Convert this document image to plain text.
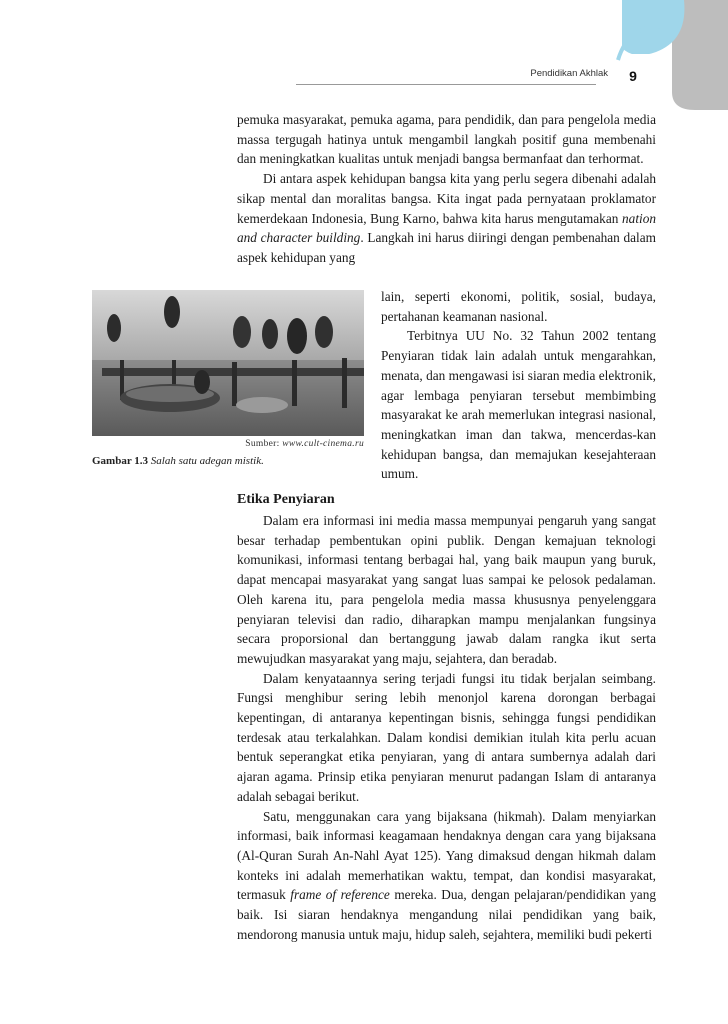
Pendidikan Akhlak	9

pemuka masyarakat, pemuka agama, para pendidik, dan para pengelola media massa tergugah hatinya untuk mengambil langkah positif guna membenahi dan meningkatkan kualitas untuk menjadi bangsa bermanfaat dan terhormat.

Di antara aspek kehidupan bangsa kita yang perlu segera dibenahi adalah sikap mental dan moralitas bangsa. Kita ingat pada pernyataan proklamator kemerdekaan Indonesia, Bung Karno, bahwa kita harus mengutamakan nation and character building. Langkah ini harus diiringi dengan pembenahan dalam aspek kehidupan yang

Sumber: www.cult-cinema.ru
Gambar 1.3 Salah satu adegan mistik.

lain, seperti ekonomi, politik, sosial, budaya, pertahanan keamanan nasional.

Terbitnya UU No. 32 Tahun 2002 tentang Penyiaran tidak lain adalah untuk mengarahkan, menata, dan mengawasi isi siaran media elektronik, agar lembaga penyiaran tersebut membimbing masyarakat ke arah memerlukan integrasi nasional, meningkatkan iman dan takwa, mencerdas-kan kehidupan bangsa, dan memajukan kesejahteraan umum.

Etika Penyiaran

Dalam era informasi ini media massa mempunyai pengaruh yang sangat besar terhadap pembentukan opini publik. Dengan kemajuan teknologi komunikasi, informasi tentang berbagai hal, yang baik maupun yang buruk, dapat mencapai masyarakat yang sangat luas sampai ke pelosok pedalaman. Oleh karena itu, para pengelola media massa khususnya penyelenggara penyiaran televisi dan radio, diharapkan mampu menjalankan fungsinya secara proporsional dan bertanggung jawab dalam rangka ikut serta mewujudkan masyarakat yang maju, sejahtera, dan beradab.

Dalam kenyataannya sering terjadi fungsi itu tidak berjalan seimbang. Fungsi menghibur sering lebih menonjol karena dorongan berbagai kepentingan, di antaranya kepentingan bisnis, sehingga fungsi pendidikan terdesak atau terkalahkan. Dalam kondisi demikian itulah kita perlu acuan bentuk seperangkat etika penyiaran, yang di antara sumbernya adalah dari ajaran agama. Prinsip etika penyiaran menurut padangan Islam di antaranya adalah sebagai berikut.

Satu, menggunakan cara yang bijaksana (hikmah). Dalam menyiarkan informasi, baik informasi keagamaan hendaknya dengan cara yang bijaksana (Al-Quran Surah An-Nahl Ayat 125). Yang dimaksud dengan hikmah dalam konteks ini adalah memerhatikan waktu, tempat, dan kondisi masyarakat, termasuk frame of reference mereka. Dua, dengan pelajaran/pendidikan yang baik. Isi siaran hendaknya mengandung nilai pendidikan yang baik, mendorong manusia untuk maju, hidup saleh, sejahtera, memiliki budi pekerti
